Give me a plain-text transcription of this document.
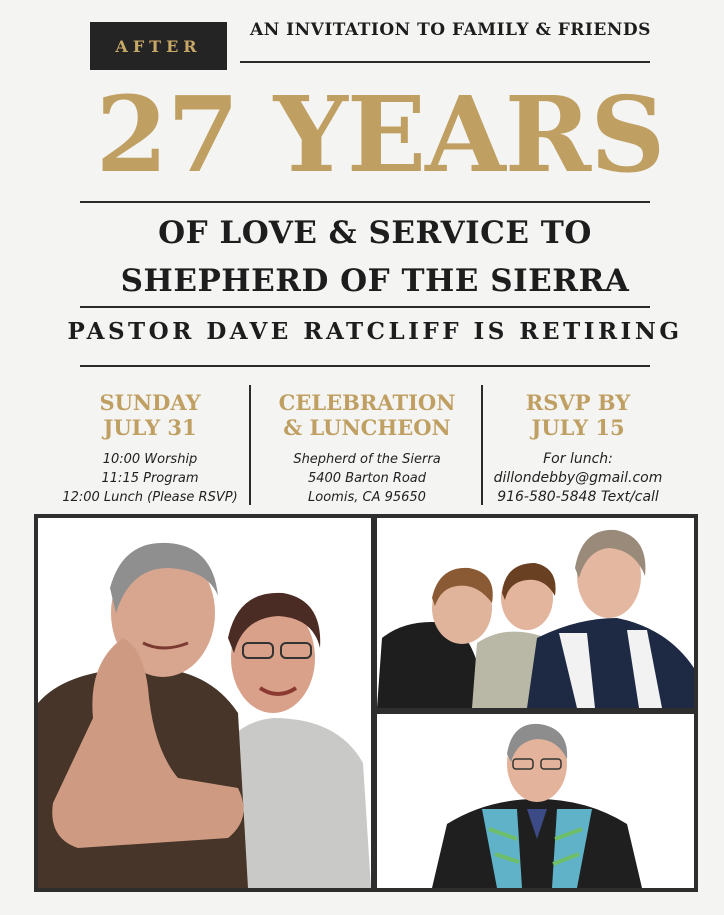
AFTER
AN INVITATION TO FAMILY & FRIENDS
27 YEARS
OF LOVE & SERVICE TO
SHEPHERD OF THE SIERRA
PASTOR DAVE RATCLIFF IS RETIRING
SUNDAY
JULY 31
10:00 Worship
11:15 Program
12:00 Lunch (Please RSVP)
CELEBRATION
& LUNCHEON
Shepherd of the Sierra
5400 Barton Road
Loomis, CA 95650
RSVP BY
JULY 15
For lunch:
dillondebby@gmail.com
916-580-5848 Text/call
